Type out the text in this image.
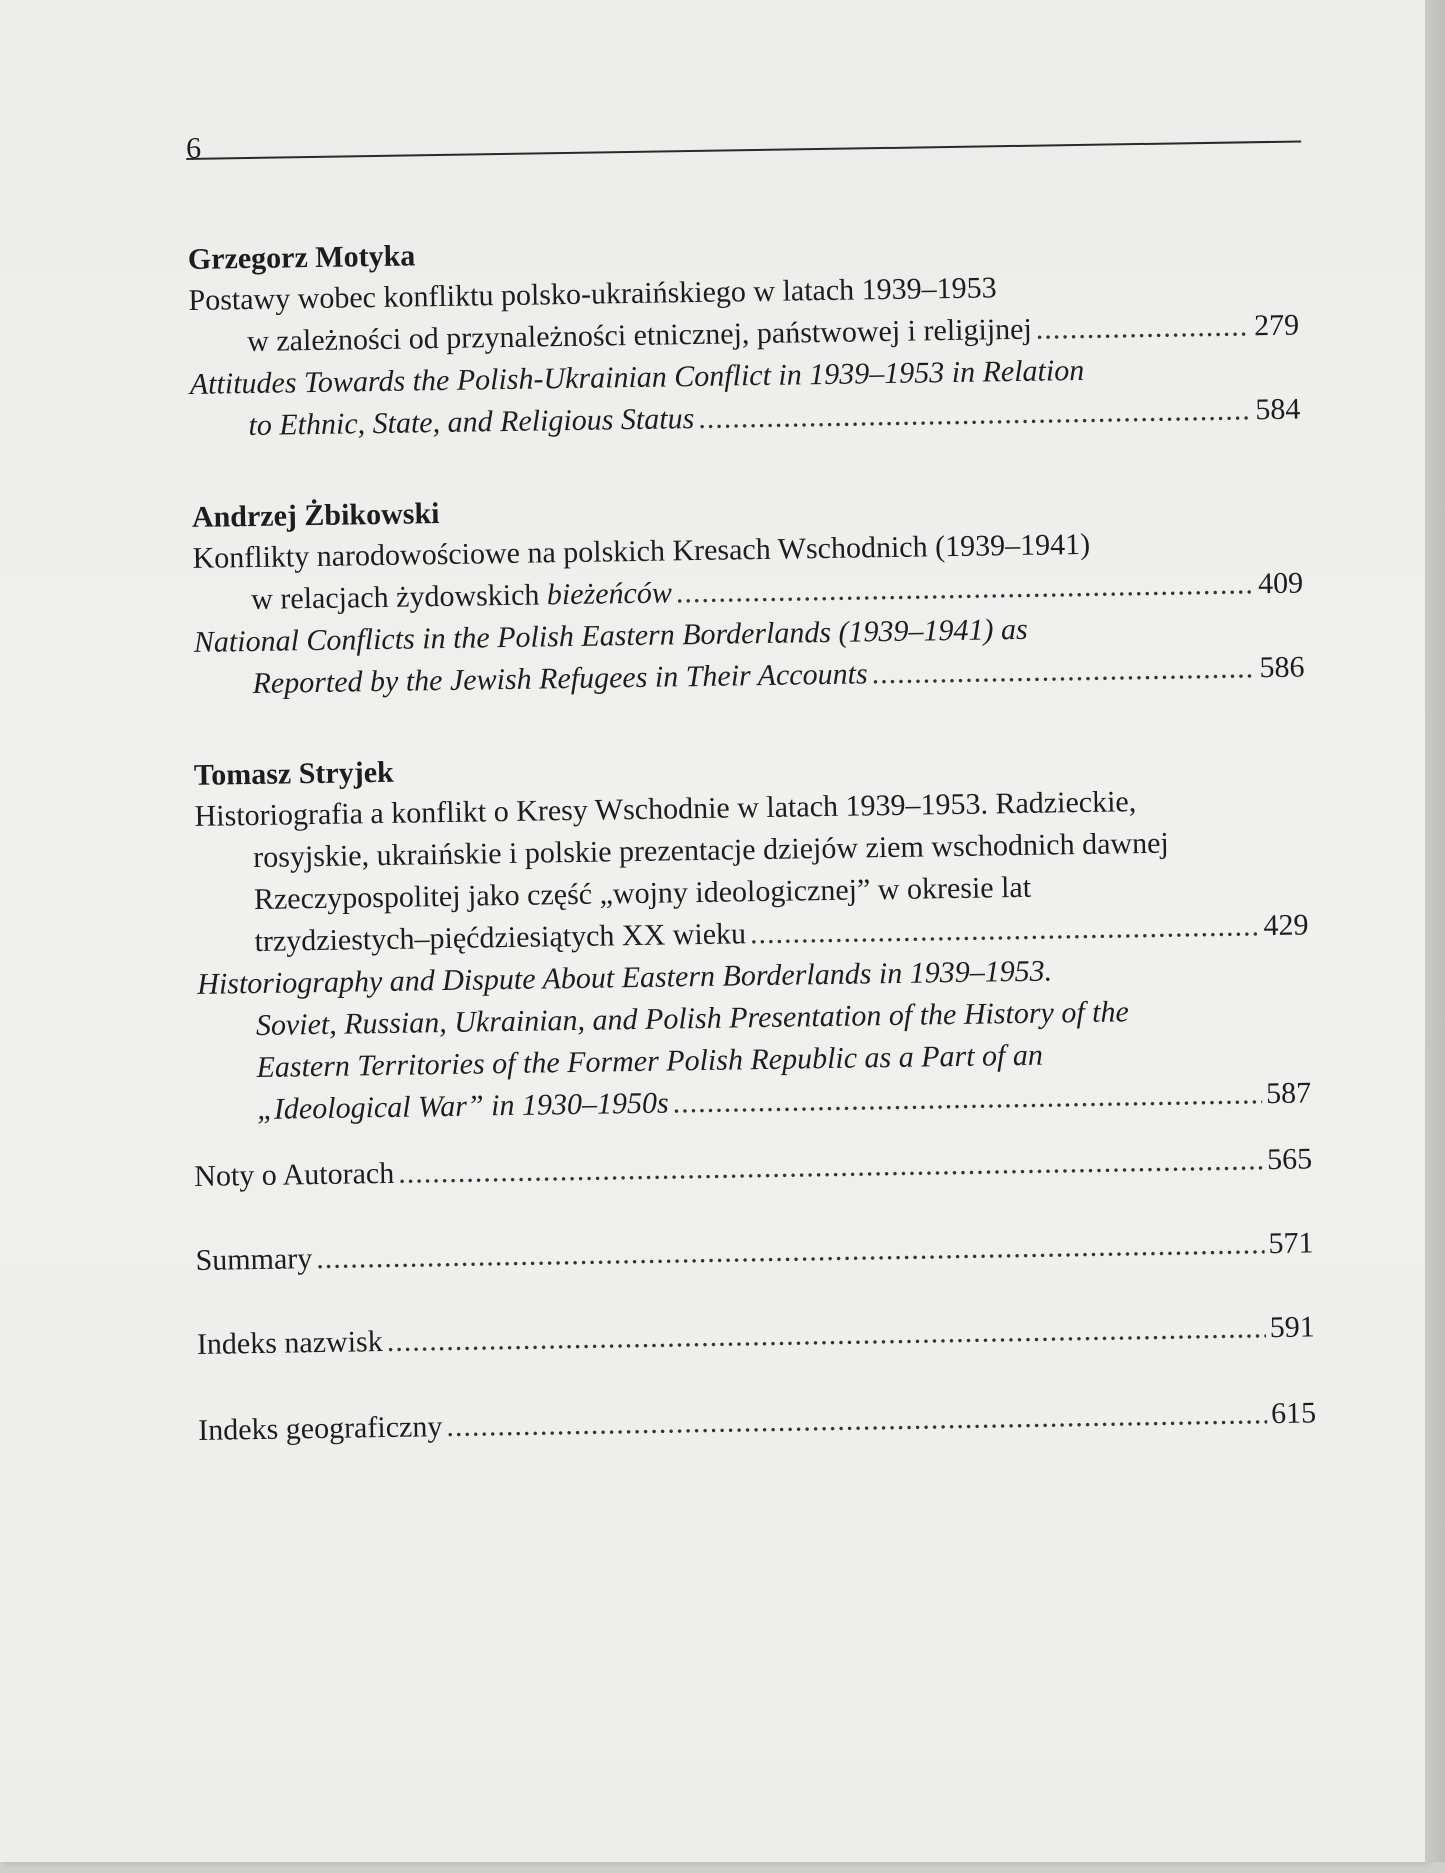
6
Grzegorz Motyka
Postawy wobec konfliktu polsko-ukraińskiego w latach 1939–1953
w zależności od przynależności etnicznej, państwowej i religijnej .....	279
Attitudes Towards the Polish-Ukrainian Conflict in 1939–1953 in Relation
to Ethnic, State, and Religious Status .....	584
Andrzej Żbikowski
Konflikty narodowościowe na polskich Kresach Wschodnich (1939–1941)
w relacjach żydowskich bieżeńców .....	409
National Conflicts in the Polish Eastern Borderlands (1939–1941) as
Reported by the Jewish Refugees in Their Accounts .....	586
Tomasz Stryjek
Historiografia a konflikt o Kresy Wschodnie w latach 1939–1953. Radzieckie,
rosyjskie, ukraińskie i polskie prezentacje dziejów ziem wschodnich dawnej
Rzeczypospolitej jako część „wojny ideologicznej” w okresie lat
trzydziestych–pięćdziesiątych XX wieku .....	429
Historiography and Dispute About Eastern Borderlands in 1939–1953.
Soviet, Russian, Ukrainian, and Polish Presentation of the History of the
Eastern Territories of the Former Polish Republic as a Part of an
„Ideological War” in 1930–1950s .....	587
Noty o Autorach .....	565
Summary .....	571
Indeks nazwisk .....	591
Indeks geograficzny .....	615
